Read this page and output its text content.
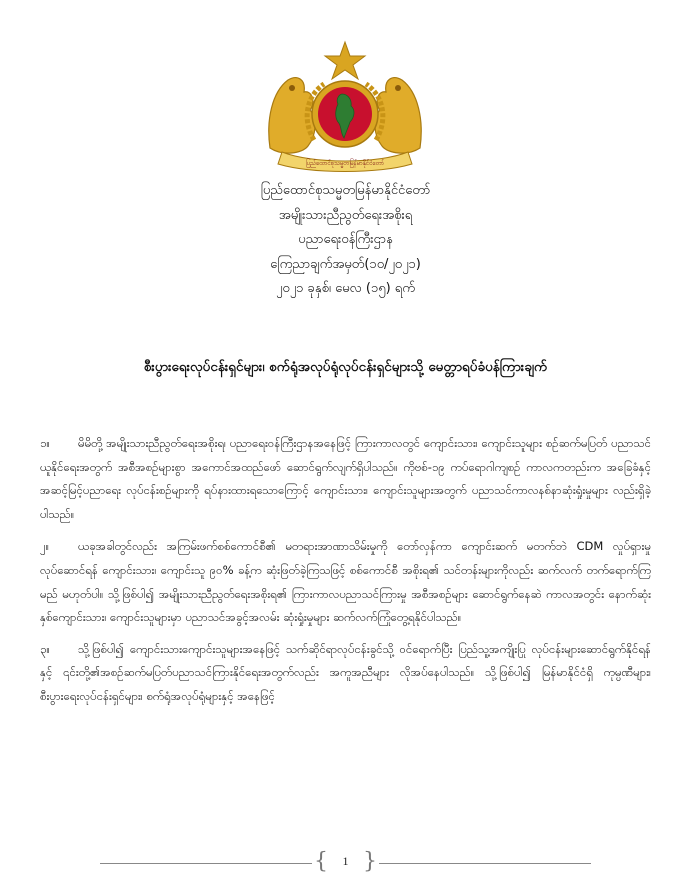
ပြည်ထောင်စုသမ္မတမြန်မာနိုင်ငံတော်

ပြည်ထောင်စုသမ္မတမြန်မာနိုင်ငံတော်

အမျိုးသားညီညွတ်ရေးအစိုးရ

ပညာရေးဝန်ကြီးဌာန

ကြေညာချက်အမှတ်(၁၀/၂၀၂၁)

၂၀၂၁ ခုနှစ်၊ မေလ (၁၅) ရက်

စီးပွားရေးလုပ်ငန်းရှင်များ၊ စက်ရုံအလုပ်ရုံလုပ်ငန်းရှင်များသို့ မေတ္တာရပ်ခံပန်ကြားချက်

၁။ မိမိတို့ အမျိုးသားညီညွတ်ရေးအစိုးရ၊ ပညာရေးဝန်ကြီးဌာနအနေဖြင့် ကြားကာလတွင် ကျောင်းသား၊ ကျောင်းသူများ စဉ်ဆက်မပြတ် ပညာသင်ယူနိုင်ရေးအတွက် အစီအစဉ်များစွာ အကောင်အထည်ဖော် ဆောင်ရွက်လျက်ရှိပါသည်။ ကိုဗစ်-၁၉ ကပ်ရောဂါကျစဉ် ကာလကတည်းက အခြေခံနှင့် အဆင့်မြင့်ပညာရေး လုပ်ငန်းစဉ်များကို ရပ်နားထားရသောကြောင့် ကျောင်းသား၊ ကျောင်းသူများအတွက် ပညာသင်ကာလနစ်နာဆုံးရှုံးမှုများ လည်းရှိခဲ့ပါသည်။

၂။	ယခုအခါတွင်လည်း အကြမ်းဖက်စစ်ကောင်စီ၏ မတရားအာဏာသိမ်းမှုကို တော်လှန်ကာ ကျောင်းဆက် မတက်ဘဲ CDM လှုပ်ရှားမှုလုပ်ဆောင်ရန် ကျောင်းသား၊ ကျောင်းသူ ၉၀% ခန့်က ဆုံးဖြတ်ခဲ့ကြသဖြင့် စစ်ကောင်စီ အစိုးရ၏ သင်တန်းများကိုလည်း ဆက်လက် တက်ရောက်ကြမည် မဟုတ်ပါ။ သို့ဖြစ်ပါ၍ အမျိုးသားညီညွတ်ရေးအစိုးရ၏ ကြားကာလပညာသင်ကြားမှု အစီအစဉ်များ ဆောင်ရွက်နေဆဲ ကာလအတွင်း နောက်ဆုံးနှစ်ကျောင်းသား၊ ကျောင်းသူများမှာ ပညာသင်အခွင့်အလမ်း ဆုံးရှုံးမှုများ ဆက်လက်ကြုံတွေ့ရနိုင်ပါသည်။

၃။ သို့ဖြစ်ပါ၍ ကျောင်းသားကျောင်းသူများအနေဖြင့် သက်ဆိုင်ရာလုပ်ငန်းခွင်သို့ ဝင်ရောက်ပြီး ပြည်သူ့အကျိုးပြု လုပ်ငန်းများဆောင်ရွက်နိုင်ရန်နှင့် ၎င်းတို့၏အစဉ်ဆက်မပြတ်ပညာသင်ကြားနိုင်ရေးအတွက်လည်း အကူအညီများ လိုအပ်နေပါသည်။ သို့ဖြစ်ပါ၍ မြန်မာနိုင်ငံရှိ ကုမ္ပဏီများ၊ စီးပွားရေးလုပ်ငန်းရှင်များ၊ စက်ရုံအလုပ်ရုံများနှင့် အနေဖြင့်

{	1 }
